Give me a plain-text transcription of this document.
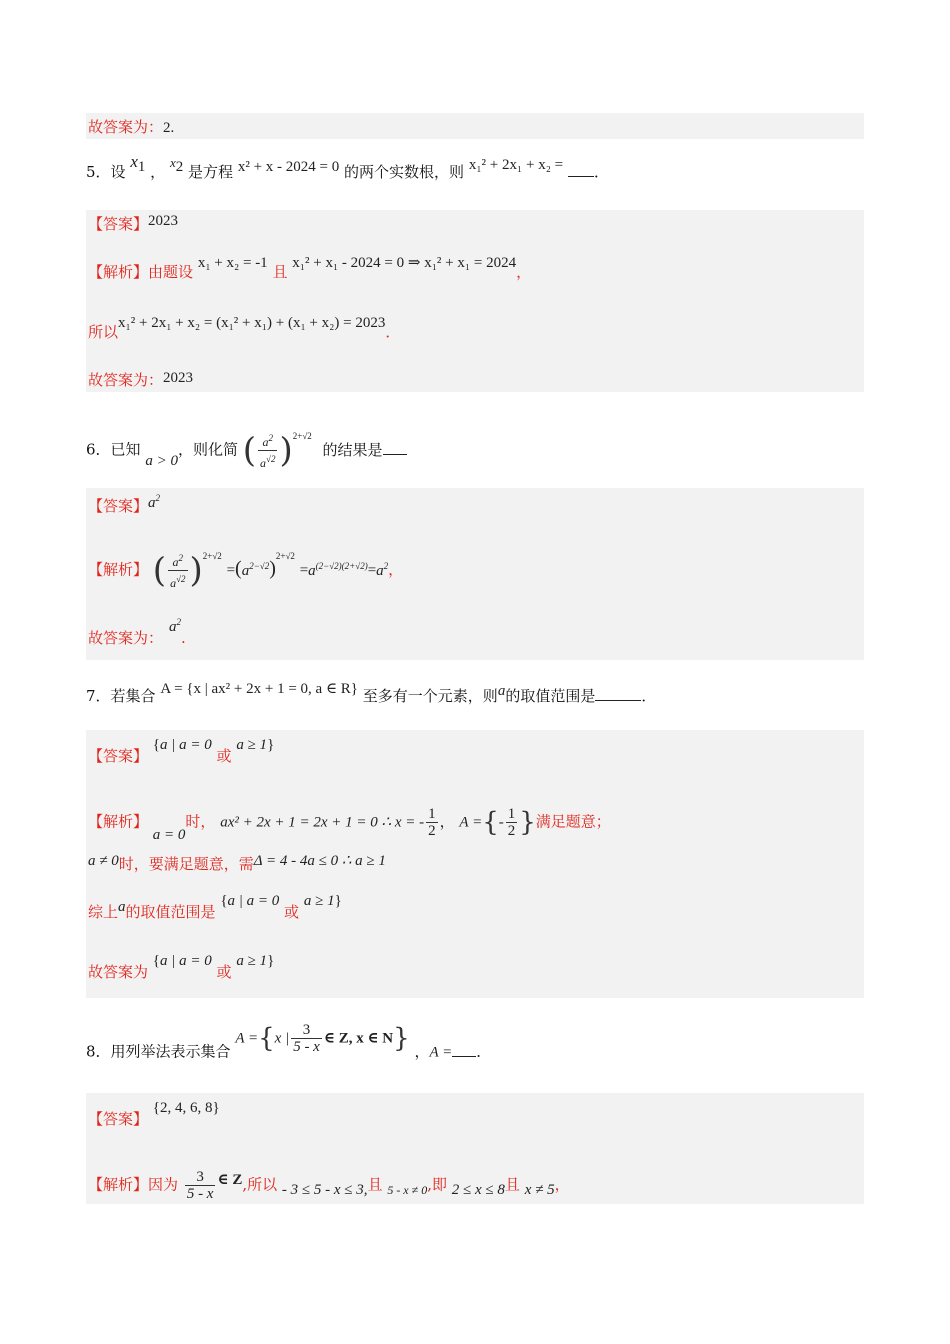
故答案为：2.
5．设 $x_1$ ， $x_2$ 是方程 x² + x - 2024 = 0 的两个实数根，则 x₁² + 2x₁ + x₂ = ．
【答案】2023
【解析】由题设 x₁ + x₂ = -1 且 x₁² + x₁ - 2024 = 0 ⇒ x₁² + x₁ = 2024，
所以x₁² + 2x₁ + x₂ = (x₁² + x₁) + (x₁ + x₂) = 2023．
故答案为：2023
6．已知 a > 0，则化简 ( $\frac{a^2}{a^{√2}} )^{2+√2}$ 的结果是
【答案】$a^2$
【解析】 ( $\frac{a^2}{a^{√2}} )^{2+√2} =(a^{2-√2})^{2+√2} =a^{(2-√2)(2+√2)}=a^2$，
故答案为：$a^2$.
7．若集合 A = {x | ax² + 2x + 1 = 0, a ∈ R} 至多有一个元素，则a的取值范围是	．
【答案】 {a | a = 0 或 a ≥ 1}
【解析】 a = 0时， ax² + 2x + 1 = 2x + 1 = 0 ∴ x = - $\frac{1}{2}$ ， A ={- $\frac{1}{2}$ }满足题意；
a ≠ 0时，要满足题意，需Δ = 4 - 4a ≤ 0 ∴ a ≥ 1
综上a的取值范围是 {a | a = 0 或 a ≥ 1}
故答案为 {a | a = 0 或 a ≥ 1}
8．用列举法表示集合 A ={x | $\frac{3}{5 - x}$ ∈ Z, x ∈ N} ，A = ．
【答案】 {2, 4, 6, 8}
【解析】因为 $\frac{3}{5 - x}$ ∈ Z,所以 - 3 ≤ 5 - x ≤ 3,且 $_{5 - x \ne 0}$,即 2 ≤ x ≤ 8且 x ≠ 5，
